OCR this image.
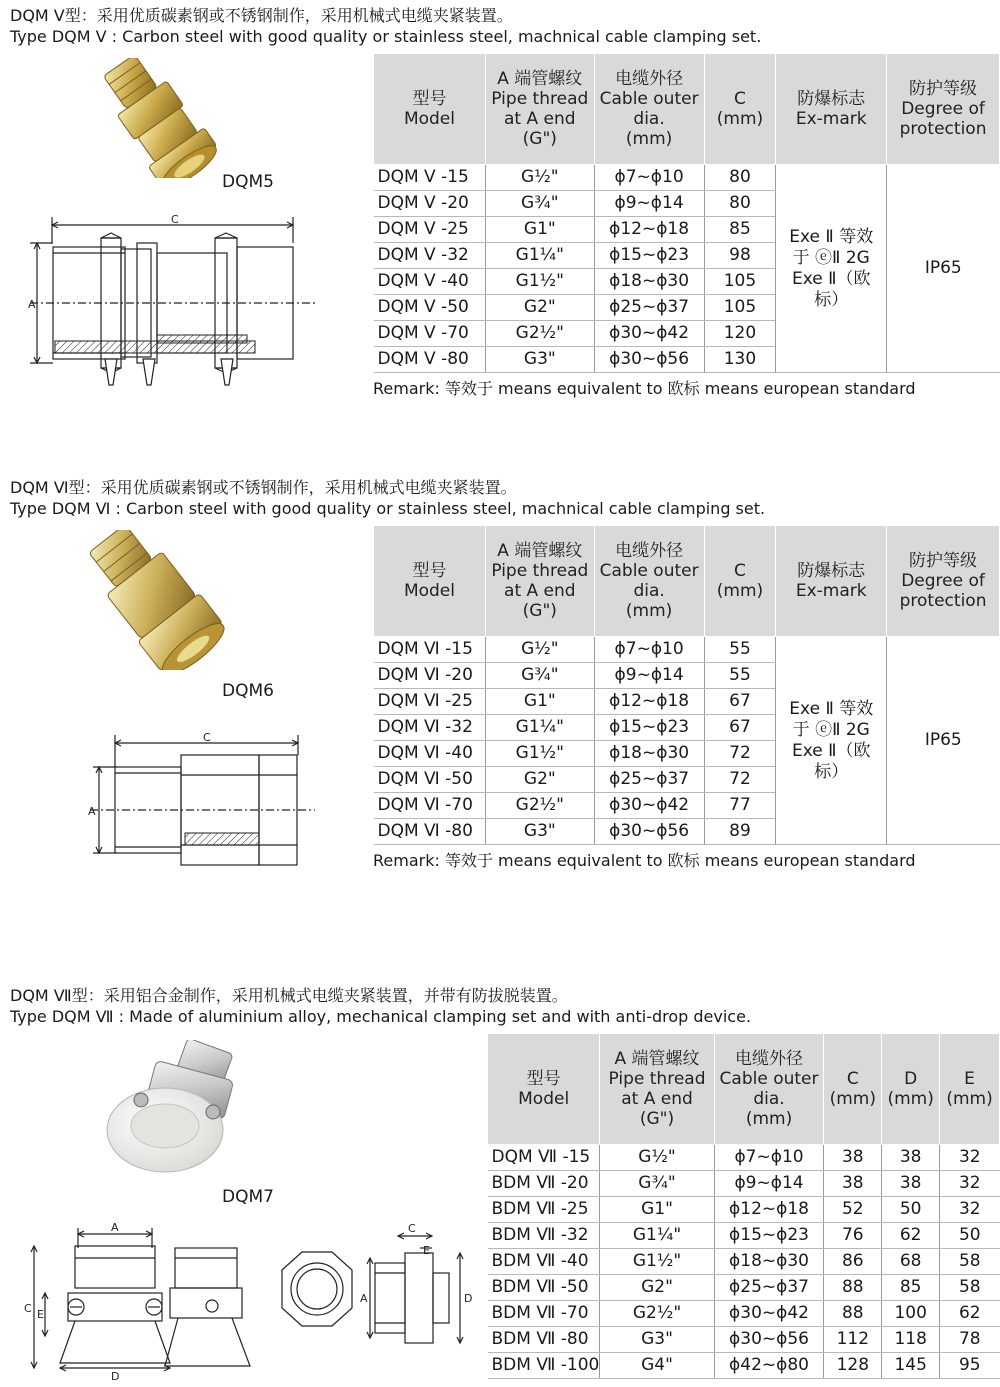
DQM Ⅴ型：采用优质碳素钢或不锈钢制作，采用机械式电缆夹紧装置。
Type DQM Ⅴ : Carbon steel with good quality or stainless steel, machnical cable clamping set.
DQM5
C
A
型号
Model	A 端管螺纹
Pipe thread
at A end
(G")	电缆外径
Cable outer
dia.
(mm)	C
(mm)	防爆标志
Ex-mark	防护等级
Degree of
protection

DQM Ⅴ -15	G½"	ϕ7~ϕ10	80	Exe Ⅱ 等效
于 ⓔⅡ 2G
Exe Ⅱ（欧
标）	IP65
DQM Ⅴ -20	G¾"	ϕ9~ϕ14	80		
DQM Ⅴ -25	G1"	ϕ12~ϕ18	85		
DQM Ⅴ -32	G1¼"	ϕ15~ϕ23	98		
DQM Ⅴ -40	G1½"	ϕ18~ϕ30	105		
DQM Ⅴ -50	G2"	ϕ25~ϕ37	105		
DQM Ⅴ -70	G2½"	ϕ30~ϕ42	120		
DQM Ⅴ -80	G3"	ϕ30~ϕ56	130		
Remark: 等效于 means equivalent to 欧标 means european standard
DQM Ⅵ型：采用优质碳素钢或不锈钢制作，采用机械式电缆夹紧装置。
Type DQM Ⅵ : Carbon steel with good quality or stainless steel, machnical cable clamping set.
DQM6
C
A
型号
Model	A 端管螺纹
Pipe thread
at A end
(G")	电缆外径
Cable outer
dia.
(mm)	C
(mm)	防爆标志
Ex-mark	防护等级
Degree of
protection

DQM Ⅵ -15	G½"	ϕ7~ϕ10	55	Exe Ⅱ 等效
于 ⓔⅡ 2G
Exe Ⅱ（欧
标）	IP65
DQM Ⅵ -20	G¾"	ϕ9~ϕ14	55		
DQM Ⅵ -25	G1"	ϕ12~ϕ18	67		
DQM Ⅵ -32	G1¼"	ϕ15~ϕ23	67		
DQM Ⅵ -40	G1½"	ϕ18~ϕ30	72		
DQM Ⅵ -50	G2"	ϕ25~ϕ37	72		
DQM Ⅵ -70	G2½"	ϕ30~ϕ42	77		
DQM Ⅵ -80	G3"	ϕ30~ϕ56	89		
Remark: 等效于 means equivalent to 欧标 means european standard
DQM Ⅶ型：采用铝合金制作，采用机械式电缆夹紧装置，并带有防拔脱装置。
Type DQM Ⅶ : Made of aluminium alloy, mechanical clamping set and with anti-drop device.
DQM7
A
C E
D
C
E
A	D
型号
Model	A 端管螺纹
Pipe thread
at A end
(G")	电缆外径
Cable outer
dia.
(mm)	C
(mm)	D
(mm)	E
(mm)

DQM Ⅶ -15	G½"	ϕ7~ϕ10	38	38	32
BDM Ⅶ -20	G¾"	ϕ9~ϕ14	38	38	32
BDM Ⅶ -25	G1"	ϕ12~ϕ18	52	50	32
BDM Ⅶ -32	G1¼"	ϕ15~ϕ23	76	62	50
BDM Ⅶ -40	G1½"	ϕ18~ϕ30	86	68	58
BDM Ⅶ -50	G2"	ϕ25~ϕ37	88	85	58
BDM Ⅶ -70	G2½"	ϕ30~ϕ42	88	100	62
BDM Ⅶ -80	G3"	ϕ30~ϕ56	112	118	78
BDM Ⅶ -100	G4"	ϕ42~ϕ80	128	145	95
